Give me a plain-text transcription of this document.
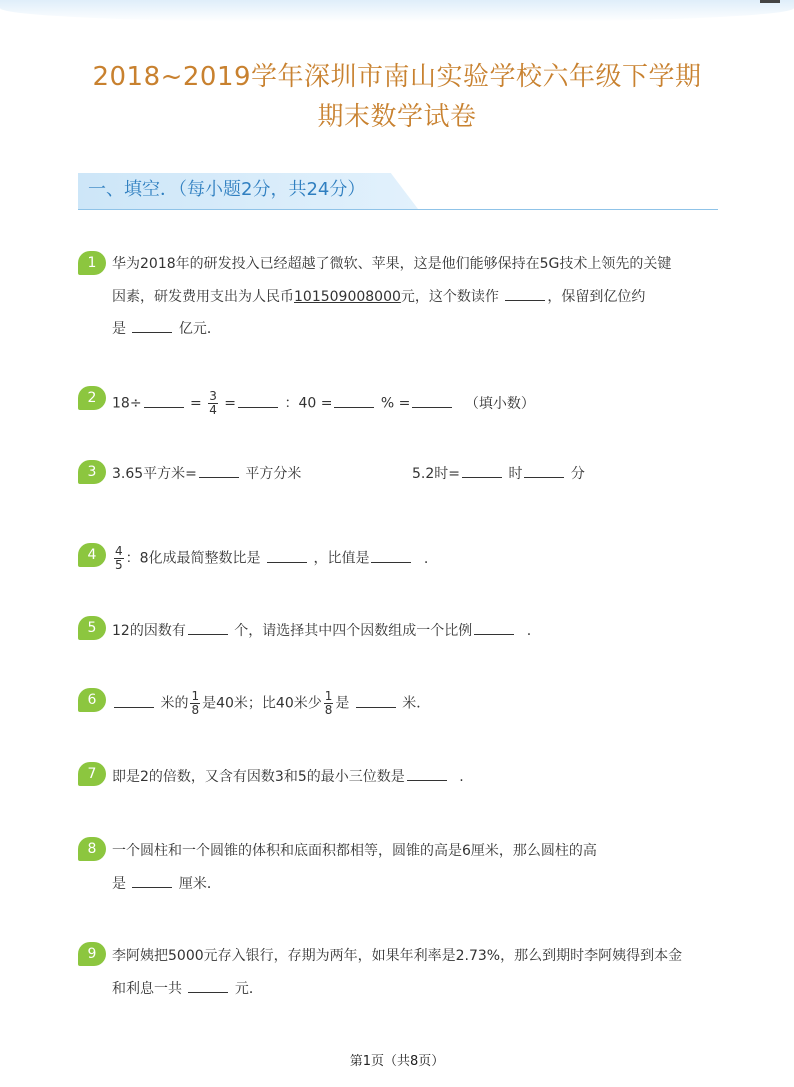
2018~2019学年深圳市南山实验学校六年级下学期
期末数学试卷
一、填空．（每小题2分，共24分）
1	华为2018年的研发投入已经超越了微软、苹果，这是他们能够保持在5G技术上领先的关键
因素，研发费用支出为人民币101509008000元，这个数读作	，保留到亿位约
是	亿元．
2	18÷	= $\frac{3}{4}$ =	：40 =	% =	（填小数）
3	3.65平方米=	平方分米	5.2时=	时	分
4	$\frac{4}{5}$ ：8化成最简整数比是	，比值是	.
5	12的因数有	个，请选择其中四个因数组成一个比例	.
6	米的 $\frac{1}{8}$ 是40米；比40米少 $\frac{1}{8}$ 是	米．
7	即是2的倍数，又含有因数3和5的最小三位数是	.
8	一个圆柱和一个圆锥的体积和底面积都相等，圆锥的高是6厘米，那么圆柱的高
是	厘米．
9	李阿姨把5000元存入银行，存期为两年，如果年利率是2.73%，那么到期时李阿姨得到本金
和利息一共	元．
第1页（共8页）
